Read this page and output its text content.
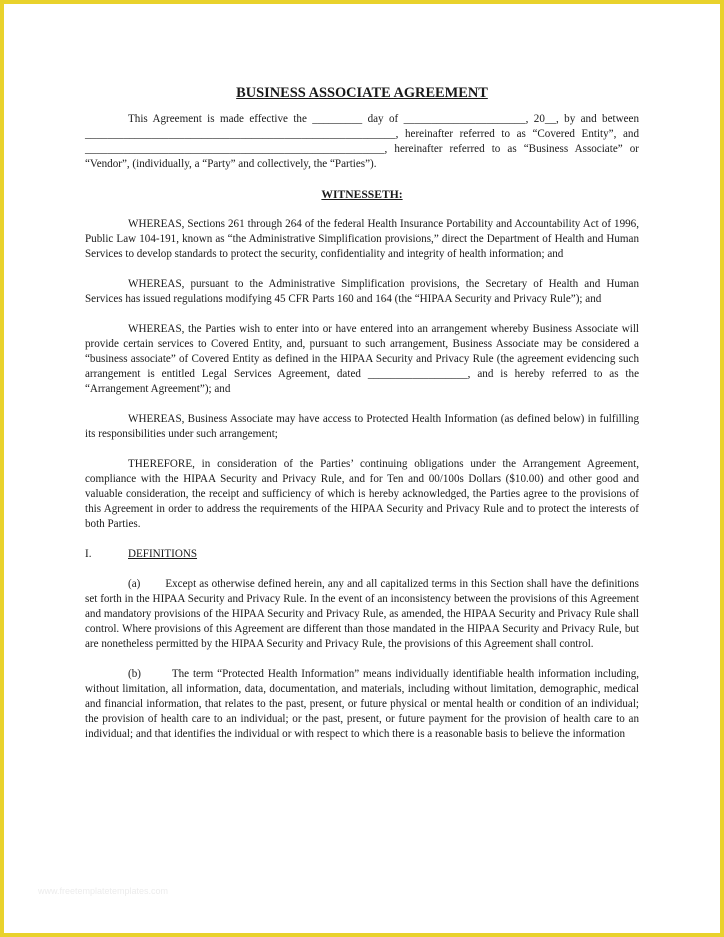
BUSINESS ASSOCIATE AGREEMENT

This Agreement is made effective the _________ day of ______________________, 20__, by and between ________________________________________________________, hereinafter referred to as “Covered Entity”, and ______________________________________________________, hereinafter referred to as “Business Associate” or “Vendor”, (individually, a “Party” and collectively, the “Parties”).

WITNESSETH:

WHEREAS, Sections 261 through 264 of the federal Health Insurance Portability and Accountability Act of 1996, Public Law 104-191, known as “the Administrative Simplification provisions,” direct the Department of Health and Human Services to develop standards to protect the security, confidentiality and integrity of health information; and

WHEREAS, pursuant to the Administrative Simplification provisions, the Secretary of Health and Human Services has issued regulations modifying 45 CFR Parts 160 and 164 (the “HIPAA Security and Privacy Rule”); and

WHEREAS, the Parties wish to enter into or have entered into an arrangement whereby Business Associate will provide certain services to Covered Entity, and, pursuant to such arrangement, Business Associate may be considered a “business associate” of Covered Entity as defined in the HIPAA Security and Privacy Rule (the agreement evidencing such arrangement is entitled Legal Services Agreement, dated __________________, and is hereby referred to as the “Arrangement Agreement”); and

WHEREAS, Business Associate may have access to Protected Health Information (as defined below) in fulfilling its responsibilities under such arrangement;

THEREFORE, in consideration of the Parties’ continuing obligations under the Arrangement Agreement, compliance with the HIPAA Security and Privacy Rule, and for Ten and 00/100s Dollars ($10.00) and other good and valuable consideration, the receipt and sufficiency of which is hereby acknowledged, the Parties agree to the provisions of this Agreement in order to address the requirements of the HIPAA Security and Privacy Rule and to protect the interests of both Parties.

I.	DEFINITIONS

(a) Except as otherwise defined herein, any and all capitalized terms in this Section shall have the definitions set forth in the HIPAA Security and Privacy Rule. In the event of an inconsistency between the provisions of this Agreement and mandatory provisions of the HIPAA Security and Privacy Rule, as amended, the HIPAA Security and Privacy Rule shall control. Where provisions of this Agreement are different than those mandated in the HIPAA Security and Privacy Rule, but are nonetheless permitted by the HIPAA Security and Privacy Rule, the provisions of this Agreement shall control.

(b)	The term “Protected Health Information” means individually identifiable health information including, without limitation, all information, data, documentation, and materials, including without limitation, demographic, medical and financial information, that relates to the past, present, or future physical or mental health or condition of an individual; the provision of health care to an individual; or the past, present, or future payment for the provision of health care to an individual; and that identifies the individual or with respect to which there is a reasonable basis to believe the information

www.freetemplatetemplates.com
